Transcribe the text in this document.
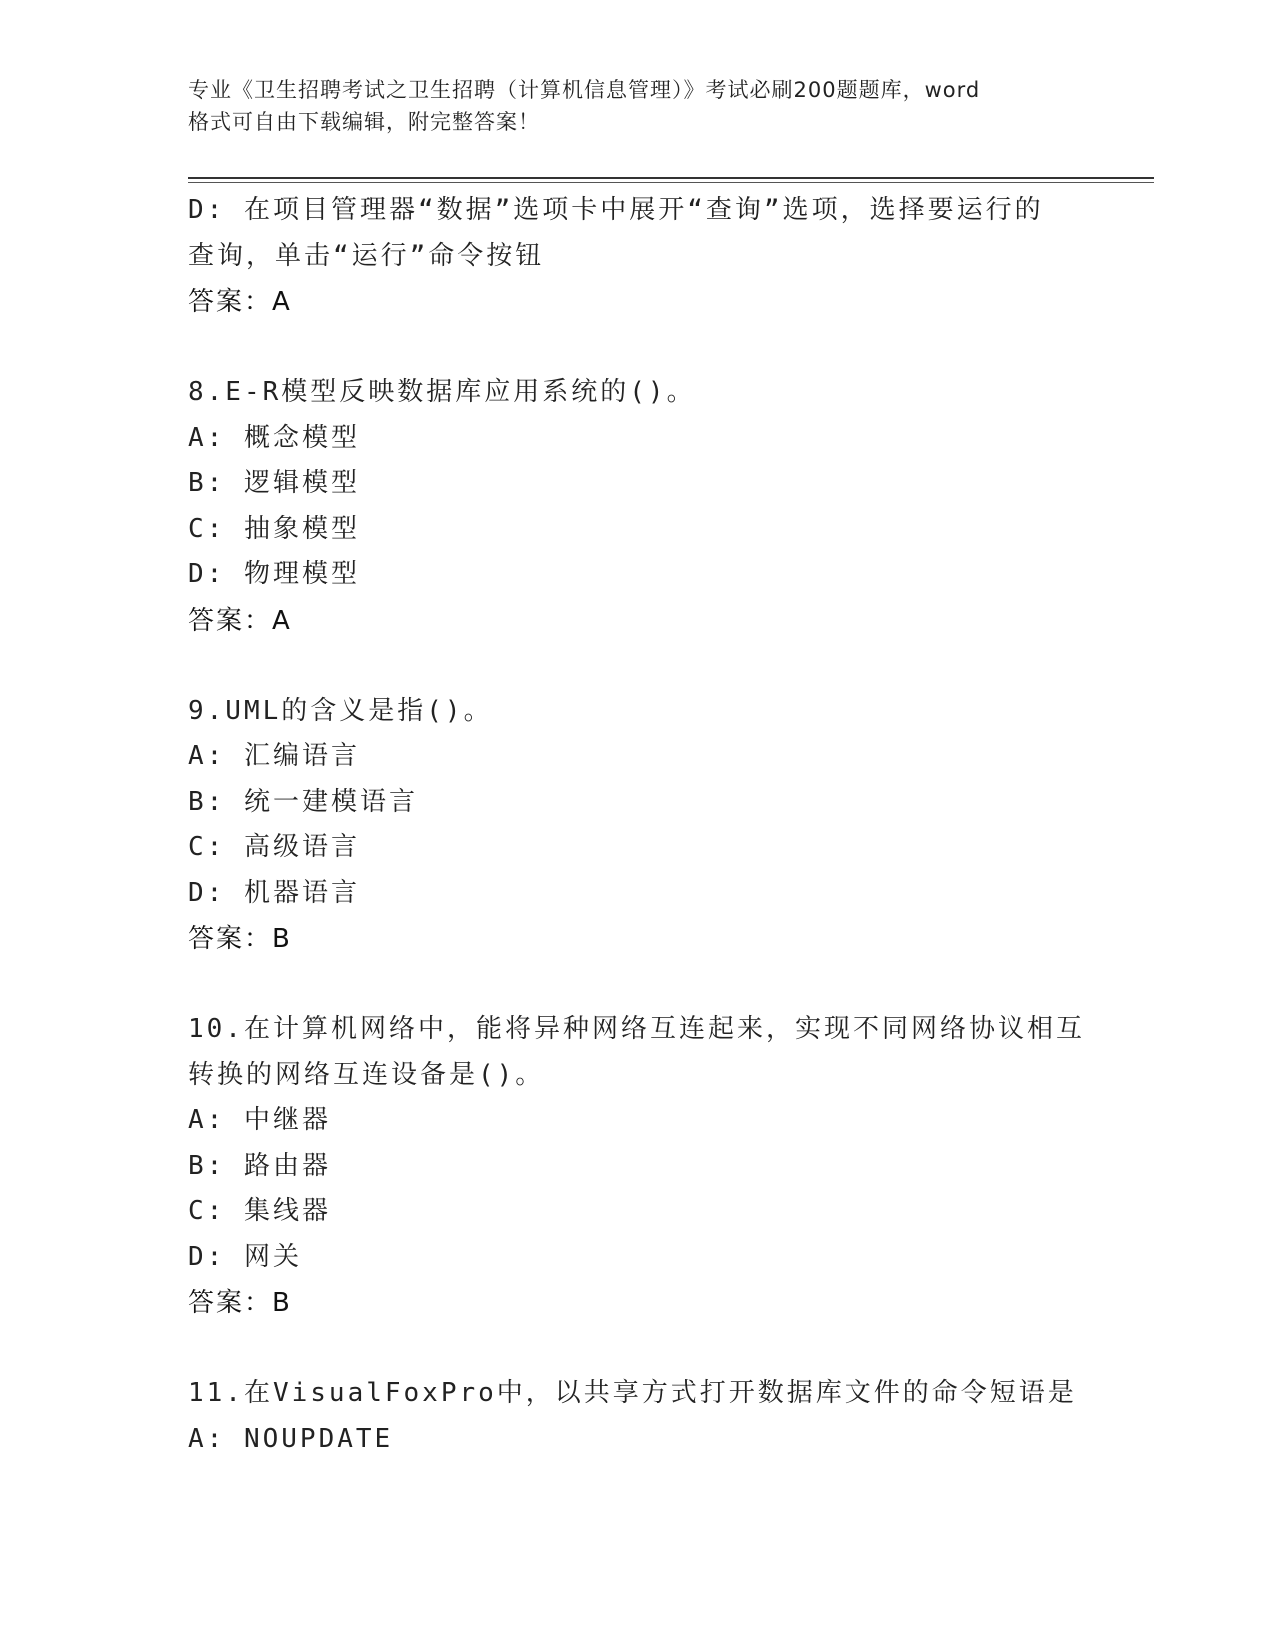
专业《卫生招聘考试之卫生招聘（计算机信息管理）》考试必刷200题题库，word
格式可自由下载编辑，附完整答案！
D: 在项目管理器“数据”选项卡中展开“查询”选项，选择要运行的
查询，单击“运行”命令按钮
答案：A
8.E-R模型反映数据库应用系统的()。
A: 概念模型
B: 逻辑模型
C: 抽象模型
D: 物理模型
答案：A
9.UML的含义是指()。
A: 汇编语言
B: 统一建模语言
C: 高级语言
D: 机器语言
答案：B
10.在计算机网络中，能将异种网络互连起来，实现不同网络协议相互
转换的网络互连设备是()。
A: 中继器
B: 路由器
C: 集线器
D: 网关
答案：B
11.在VisualFoxPro中，以共享方式打开数据库文件的命令短语是
A: NOUPDATE
